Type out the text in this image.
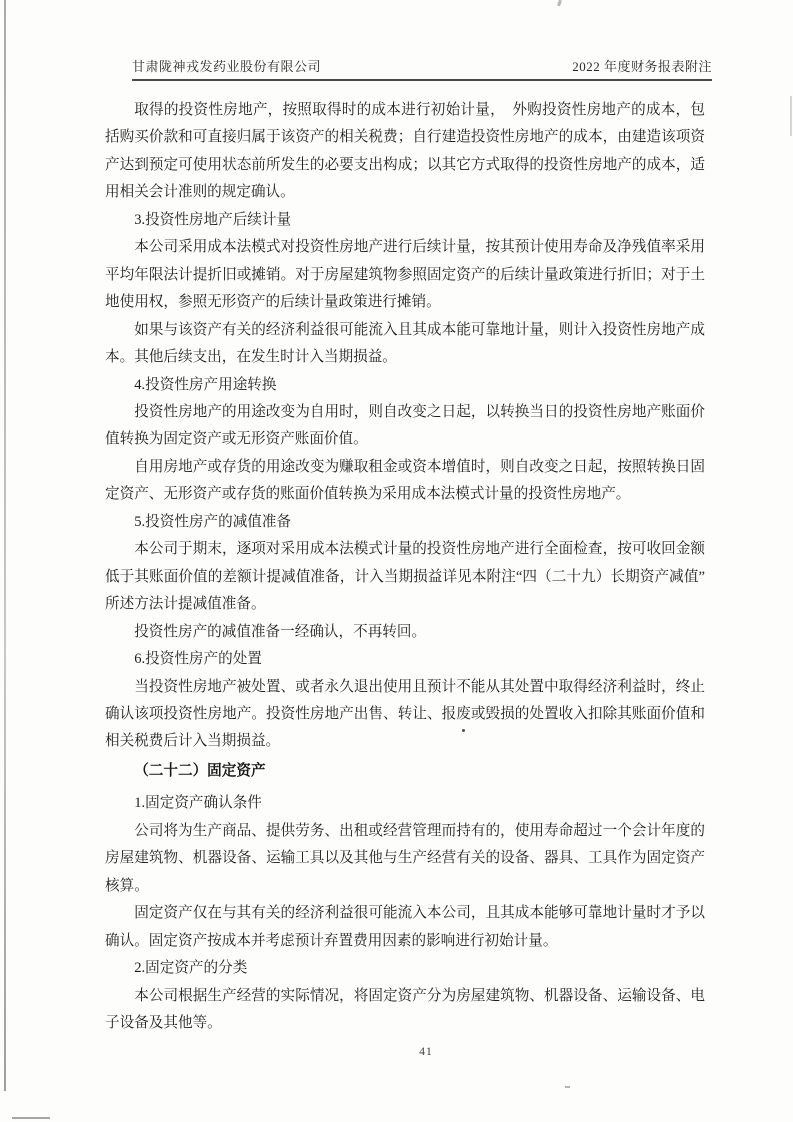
甘肃陇神戎发药业股份有限公司	2022 年度财务报表附注

取得的投资性房地产，按照取得时的成本进行初始计量，　外购投资性房地产的成本，包括购买价款和可直接归属于该资产的相关税费；自行建造投资性房地产的成本，由建造该项资产达到预定可使用状态前所发生的必要支出构成；以其它方式取得的投资性房地产的成本，适用相关会计准则的规定确认。

3.投资性房地产后续计量

本公司采用成本法模式对投资性房地产进行后续计量，按其预计使用寿命及净残值率采用平均年限法计提折旧或摊销。对于房屋建筑物参照固定资产的后续计量政策进行折旧；对于土地使用权，参照无形资产的后续计量政策进行摊销。

如果与该资产有关的经济利益很可能流入且其成本能可靠地计量，则计入投资性房地产成本。其他后续支出，在发生时计入当期损益。

4.投资性房产用途转换

投资性房地产的用途改变为自用时，则自改变之日起，以转换当日的投资性房地产账面价值转换为固定资产或无形资产账面价值。

自用房地产或存货的用途改变为赚取租金或资本增值时，则自改变之日起，按照转换日固定资产、无形资产或存货的账面价值转换为采用成本法模式计量的投资性房地产。

5.投资性房产的减值准备

本公司于期末，逐项对采用成本法模式计量的投资性房地产进行全面检查，按可收回金额低于其账面价值的差额计提减值准备，计入当期损益详见本附注“四（二十九）长期资产减值”所述方法计提减值准备。

投资性房产的减值准备一经确认，不再转回。

6.投资性房产的处置

当投资性房地产被处置、或者永久退出使用且预计不能从其处置中取得经济利益时，终止确认该项投资性房地产。投资性房地产出售、转让、报废或毁损的处置收入扣除其账面价值和相关税费后计入当期损益。

（二十二）固定资产

1.固定资产确认条件

公司将为生产商品、提供劳务、出租或经营管理而持有的，使用寿命超过一个会计年度的房屋建筑物、机器设备、运输工具以及其他与生产经营有关的设备、器具、工具作为固定资产核算。

固定资产仅在与其有关的经济利益很可能流入本公司，且其成本能够可靠地计量时才予以确认。固定资产按成本并考虑预计弃置费用因素的影响进行初始计量。

2.固定资产的分类

本公司根据生产经营的实际情况，将固定资产分为房屋建筑物、机器设备、运输设备、电子设备及其他等。

41
